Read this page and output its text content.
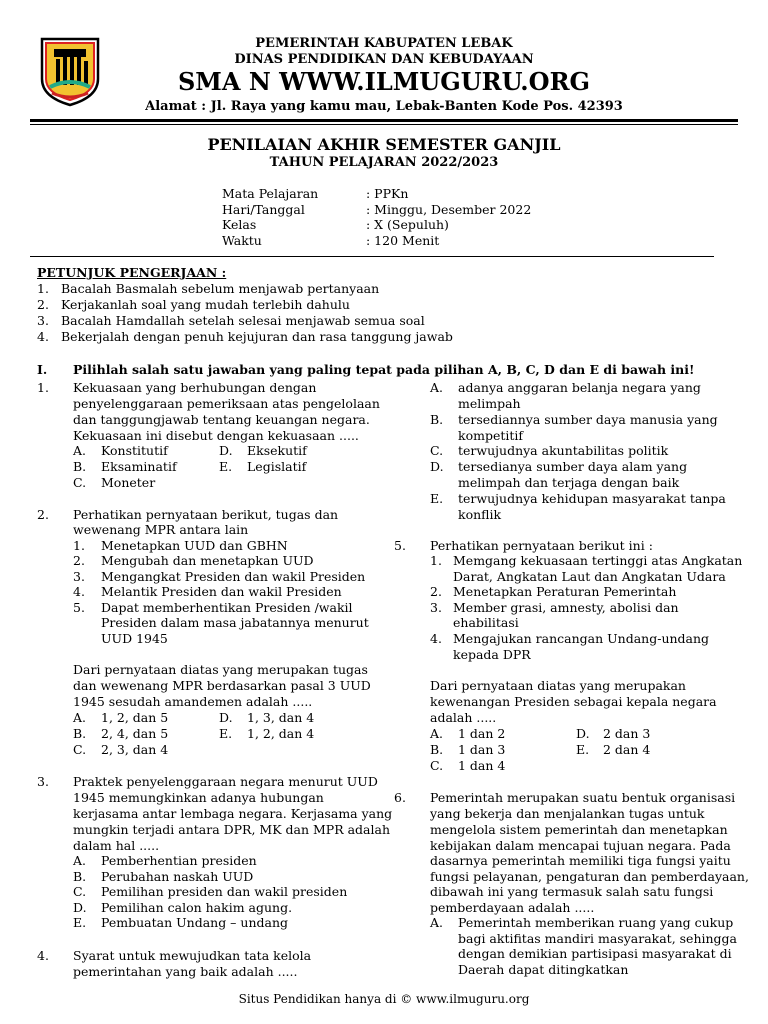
PEMERINTAH KABUPATEN LEBAK
DINAS PENDIDIKAN DAN KEBUDAYAAN
SMA N WWW.ILMUGURU.ORG
Alamat : Jl. Raya yang kamu mau, Lebak-Banten Kode Pos. 42393
PENILAIAN AKHIR SEMESTER GANJIL
TAHUN PELAJARAN 2022/2023
Mata Pelajaran	: PPKn
Hari/Tanggal	: Minggu, Desember 2022
Kelas	: X (Sepuluh)
Waktu	: 120 Menit
PETUNJUK PENGERJAAN :
1. Bacalah Basmalah sebelum menjawab pertanyaan
2. Kerjakanlah soal yang mudah terlebih dahulu
3. Bacalah Hamdallah setelah selesai menjawab semua soal
4. Bekerjalah dengan penuh kejujuran dan rasa tanggung jawab
I. Pilihlah salah satu jawaban yang paling tepat pada pilihan A, B, C, D dan E di bawah ini!
1. Kekuasaan yang berhubungan dengan
penyelenggaraan pemeriksaan atas pengelolaan
dan tanggungjawab tentang keuangan negara.
Kekuasaan ini disebut dengan kekuasaan .....
A. Konstitutif	D. Eksekutif
B. Eksaminatif	E. Legislatif
C. Moneter
2. Perhatikan pernyataan berikut, tugas dan
wewenang MPR antara lain
1. Menetapkan UUD dan GBHN
2. Mengubah dan menetapkan UUD
3. Mengangkat Presiden dan wakil Presiden
4. Melantik Presiden dan wakil Presiden
5. Dapat memberhentikan Presiden /wakil
Presiden dalam masa jabatannya menurut
UUD 1945
Dari pernyataan diatas yang merupakan tugas
dan wewenang MPR berdasarkan pasal 3 UUD
1945 sesudah amandemen adalah .....
A. 1, 2, dan 5	D. 1, 3, dan 4
B. 2, 4, dan 5	E. 1, 2, dan 4
C. 2, 3, dan 4
3. Praktek penyelenggaraan negara menurut UUD
1945 memungkinkan adanya hubungan
kerjasama antar lembaga negara. Kerjasama yang
mungkin terjadi antara DPR, MK dan MPR adalah
dalam hal .....
A. Pemberhentian presiden
B. Perubahan naskah UUD
C. Pemilihan presiden dan wakil presiden
D. Pemilihan calon hakim agung.
E. Pembuatan Undang – undang
4. Syarat untuk mewujudkan tata kelola
pemerintahan yang baik adalah .....
A. adanya anggaran belanja negara yang
melimpah
B. tersediannya sumber daya manusia yang
kompetitif
C. terwujudnya akuntabilitas politik
D. tersedianya sumber daya alam yang
melimpah dan terjaga dengan baik
E. terwujudnya kehidupan masyarakat tanpa
konflik
5. Perhatikan pernyataan berikut ini :
1. Memgang kekuasaan tertinggi atas Angkatan
Darat, Angkatan Laut dan Angkatan Udara
2. Menetapkan Peraturan Pemerintah
3. Member grasi, amnesty, abolisi dan
ehabilitasi
4. Mengajukan rancangan Undang-undang
kepada DPR
Dari pernyataan diatas yang merupakan
kewenangan Presiden sebagai kepala negara
adalah .....
A. 1 dan 2	D. 2 dan 3
B. 1 dan 3	E. 2 dan 4
C. 1 dan 4
6. Pemerintah merupakan suatu bentuk organisasi
yang bekerja dan menjalankan tugas untuk
mengelola sistem pemerintah dan menetapkan
kebijakan dalam mencapai tujuan negara. Pada
dasarnya pemerintah memiliki tiga fungsi yaitu
fungsi pelayanan, pengaturan dan pemberdayaan,
dibawah ini yang termasuk salah satu fungsi
pemberdayaan adalah .....
A. Pemerintah memberikan ruang yang cukup
bagi aktifitas mandiri masyarakat, sehingga
dengan demikian partisipasi masyarakat di
Daerah dapat ditingkatkan
Situs Pendidikan hanya di © www.ilmuguru.org
